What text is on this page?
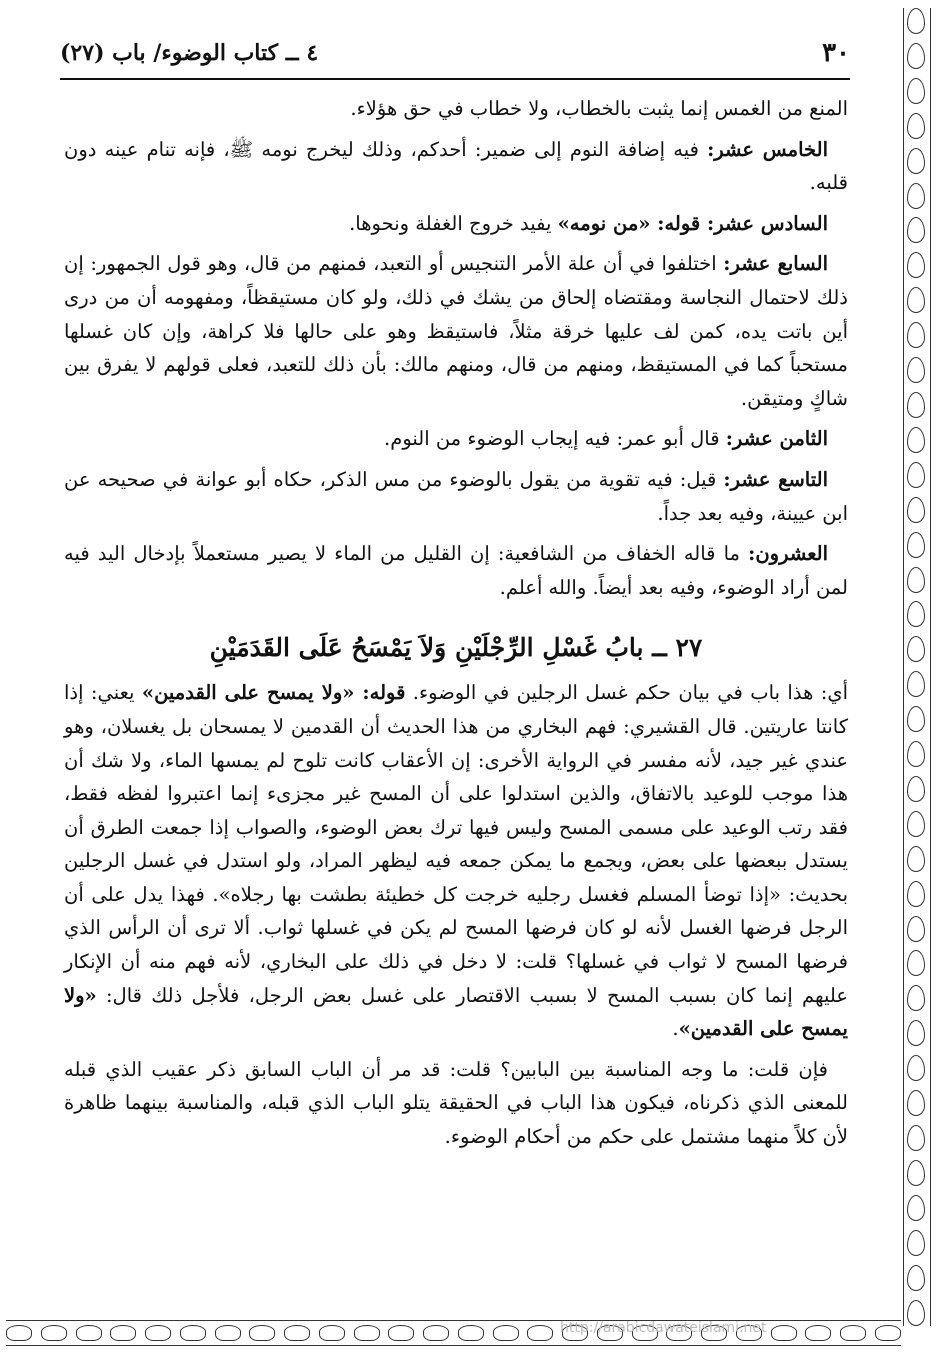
٣٠
٤ ــ كتاب الوضوء/ باب (٢٧)

المنع من الغمس إنما يثبت بالخطاب، ولا خطاب في حق هؤلاء.

الخامس عشر: فيه إضافة النوم إلى ضمير: أحدكم، وذلك ليخرج نومه ﷺ، فإنه تنام عينه دون قلبه.

السادس عشر: قوله: «من نومه» يفيد خروج الغفلة ونحوها.

السابع عشر: اختلفوا في أن علة الأمر التنجيس أو التعبد، فمنهم من قال، وهو قول الجمهور: إن ذلك لاحتمال النجاسة ومقتضاه إلحاق من يشك في ذلك، ولو كان مستيقظاً، ومفهومه أن من درى أين باتت يده، كمن لف عليها خرقة مثلاً، فاستيقظ وهو على حالها فلا كراهة، وإن كان غسلها مستحباً كما في المستيقظ، ومنهم من قال، ومنهم مالك: بأن ذلك للتعبد، فعلى قولهم لا يفرق بين شاكٍ ومتيقن.

الثامن عشر: قال أبو عمر: فيه إيجاب الوضوء من النوم.

التاسع عشر: قيل: فيه تقوية من يقول بالوضوء من مس الذكر، حكاه أبو عوانة في صحيحه عن ابن عيينة، وفيه بعد جداً.

العشرون: ما قاله الخفاف من الشافعية: إن القليل من الماء لا يصير مستعملاً بإدخال اليد فيه لمن أراد الوضوء، وفيه بعد أيضاً. والله أعلم.

٢٧ ــ بابُ غَسْلِ الرِّجْلَيْنِ وَلاَ يَمْسَحُ عَلَى القَدَمَيْنِ

أي: هذا باب في بيان حكم غسل الرجلين في الوضوء. قوله: «ولا يمسح على القدمين» يعني: إذا كانتا عاريتين. قال القشيري: فهم البخاري من هذا الحديث أن القدمين لا يمسحان بل يغسلان، وهو عندي غير جيد، لأنه مفسر في الرواية الأخرى: إن الأعقاب كانت تلوح لم يمسها الماء، ولا شك أن هذا موجب للوعيد بالاتفاق، والذين استدلوا على أن المسح غير مجزىء إنما اعتبروا لفظه فقط، فقد رتب الوعيد على مسمى المسح وليس فيها ترك بعض الوضوء، والصواب إذا جمعت الطرق أن يستدل ببعضها على بعض، ويجمع ما يمكن جمعه فيه ليظهر المراد، ولو استدل في غسل الرجلين بحديث: «إذا توضأ المسلم فغسل رجليه خرجت كل خطيئة بطشت بها رجلاه». فهذا يدل على أن الرجل فرضها الغسل لأنه لو كان فرضها المسح لم يكن في غسلها ثواب. ألا ترى أن الرأس الذي فرضها المسح لا ثواب في غسلها؟ قلت: لا دخل في ذلك على البخاري، لأنه فهم منه أن الإنكار عليهم إنما كان بسبب المسح لا بسبب الاقتصار على غسل بعض الرجل، فلأجل ذلك قال: «ولا يمسح على القدمين».

فإن قلت: ما وجه المناسبة بين البابين؟ قلت: قد مر أن الباب السابق ذكر عقيب الذي قبله للمعنى الذي ذكرناه، فيكون هذا الباب في الحقيقة يتلو الباب الذي قبله، والمناسبة بينهما ظاهرة لأن كلاً منهما مشتمل على حكم من أحكام الوضوء.

http://arabicdawateislami.net
